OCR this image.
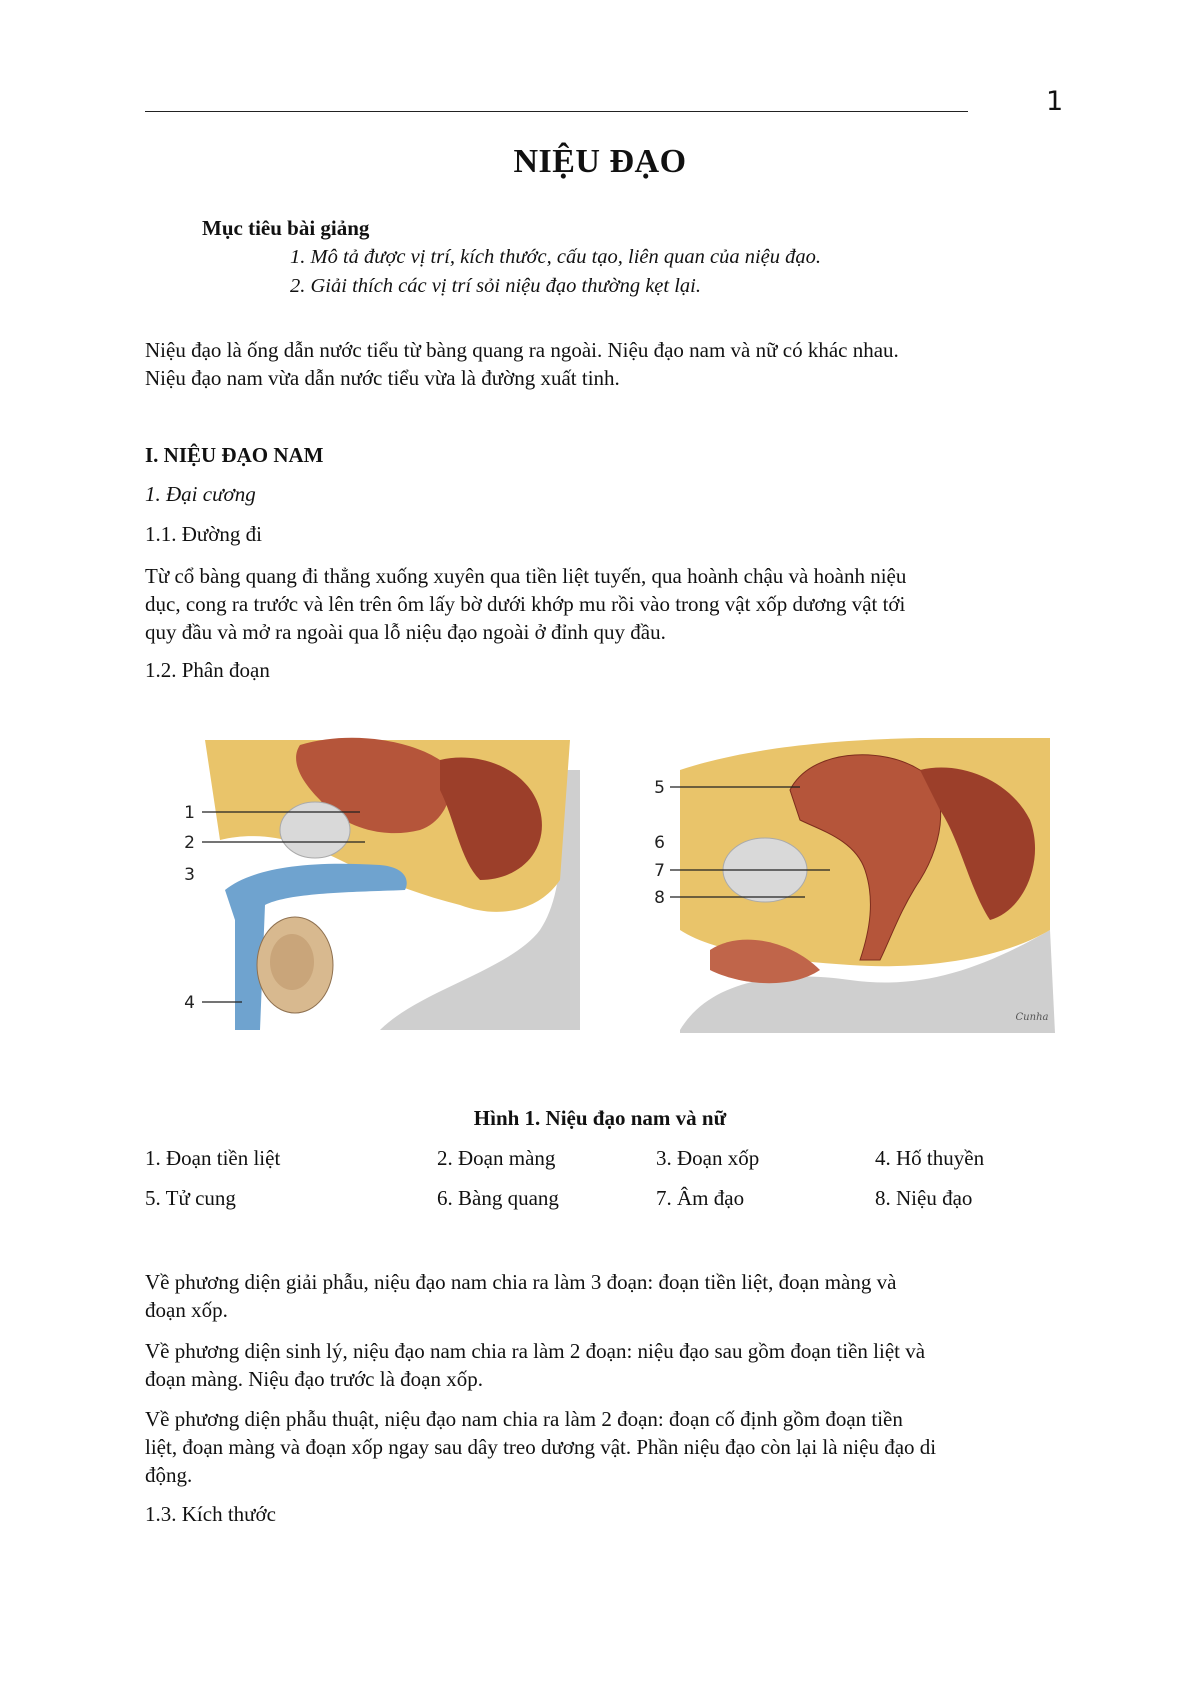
1
NIỆU ĐẠO
Mục tiêu bài giảng
1. Mô tả được vị trí, kích thước, cấu tạo, liên quan của niệu đạo.
2. Giải thích các vị trí sỏi niệu đạo thường kẹt lại.
Niệu đạo là ống dẫn nước tiểu từ bàng quang ra ngoài. Niệu đạo nam và nữ có khác nhau.
Niệu đạo nam vừa dẫn nước tiểu vừa là đường xuất tinh.
I. NIỆU ĐẠO NAM
1. Đại cương
1.1. Đường đi
Từ cổ bàng quang đi thẳng xuống xuyên qua tiền liệt tuyến, qua hoành chậu và hoành niệu
dục, cong ra trước và lên trên ôm lấy bờ dưới khớp mu rồi vào trong vật xốp dương vật tới
quy đầu và mở ra ngoài qua lỗ niệu đạo ngoài ở đỉnh quy đầu.
1.2. Phân đoạn
1
2
3
4
5
6
7
8
Cunha
Hình 1. Niệu đạo nam và nữ
1. Đoạn tiền liệt	2. Đoạn màng	3. Đoạn xốp	4. Hố thuyền
5. Tử cung	6. Bàng quang	7. Âm đạo	8. Niệu đạo
Về phương diện giải phẫu, niệu đạo nam chia ra làm 3 đoạn: đoạn tiền liệt, đoạn màng và
đoạn xốp.
Về phương diện sinh lý, niệu đạo nam chia ra làm 2 đoạn: niệu đạo sau gồm đoạn tiền liệt và
đoạn màng. Niệu đạo trước là đoạn xốp.
Về phương diện phẫu thuật, niệu đạo nam chia ra làm 2 đoạn: đoạn cố định gồm đoạn tiền
liệt, đoạn màng và đoạn xốp ngay sau dây treo dương vật. Phần niệu đạo còn lại là niệu đạo di
động.
1.3. Kích thước
